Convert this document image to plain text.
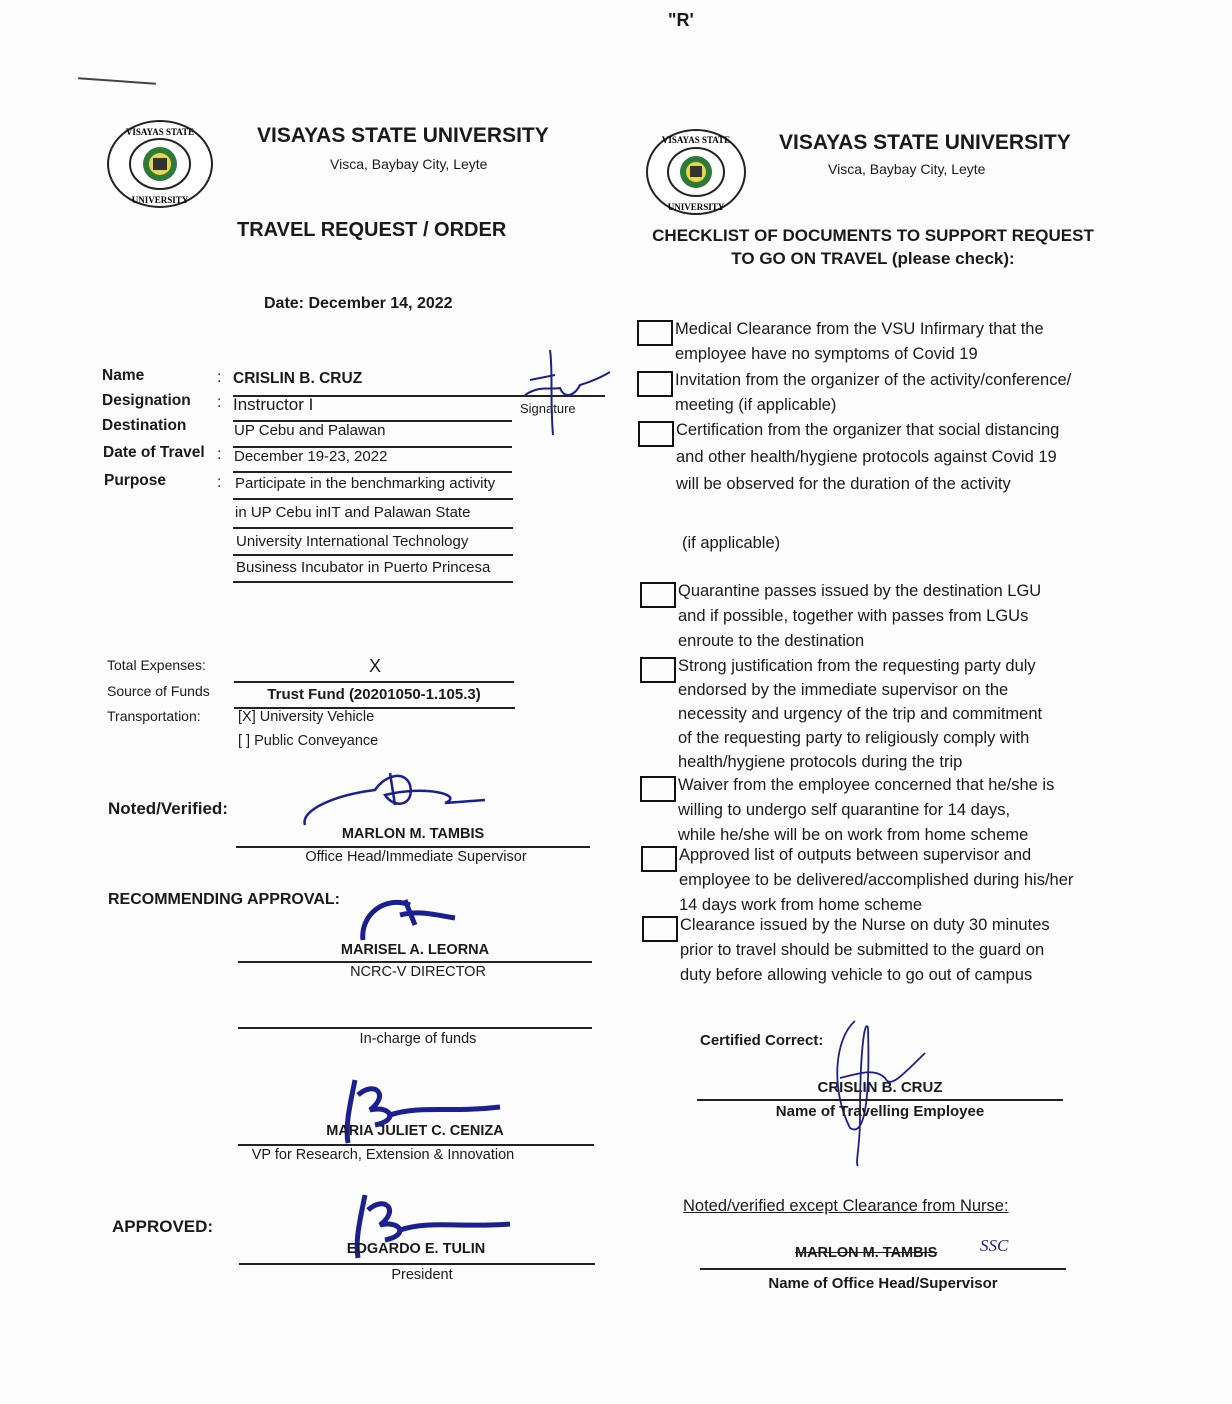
"R'
VISAYAS STATE
UNIVERSITY
VISAYAS STATE UNIVERSITY
Visca, Baybay City, Leyte
TRAVEL REQUEST / ORDER
Date: December 14, 2022
Name	: CRISLIN B. CRUZ
Designation : Instructor I
Destination	UP Cebu and Palawan
Date of Travel : December 19-23, 2022
Purpose	: Participate in the benchmarking activity
in UP Cebu inIT and Palawan State
University International Technology
Business Incubator in Puerto Princesa
Signature
Total Expenses:	X
Source of Funds	Trust Fund (20201050-1.105.3)
Transportation:	[X] University Vehicle
[ ] Public Conveyance
Noted/Verified:
MARLON M. TAMBIS
Office Head/Immediate Supervisor
RECOMMENDING APPROVAL:
MARISEL A. LEORNA
NCRC-V DIRECTOR
In-charge of funds
MARIA JULIET C. CENIZA
VP for Research, Extension & Innovation
APPROVED:
EDGARDO E. TULIN
President
VISAYAS STATE
UNIVERSITY
VISAYAS STATE UNIVERSITY
Visca, Baybay City, Leyte
CHECKLIST OF DOCUMENTS TO SUPPORT REQUEST
TO GO ON TRAVEL (please check):
Medical Clearance from the VSU Infirmary that the
employee have no symptoms of Covid 19
Invitation from the organizer of the activity/conference/
meeting (if applicable)
Certification from the organizer that social distancing
and other health/hygiene protocols against Covid 19
will be observed for the duration of the activity
Quarantine passes issued by the destination LGU
and if possible, together with passes from LGUs
enroute to the destination
Strong justification from the requesting party duly
endorsed by the immediate supervisor on the
necessity and urgency of the trip and commitment
of the requesting party to religiously comply with
health/hygiene protocols during the trip
Waiver from the employee concerned that he/she is
willing to undergo self quarantine for 14 days,
while he/she will be on work from home scheme
Approved list of outputs between supervisor and
employee to be delivered/accomplished during his/her
14 days work from home scheme
Clearance issued by the Nurse on duty 30 minutes
prior to travel should be submitted to the guard on
duty before allowing vehicle to go out of campus
(if applicable)
Certified Correct:
CRISLIN B. CRUZ
Name of Travelling Employee
Noted/verified except Clearance from Nurse:
MARLON M. TAMBIS	SSC
Name of Office Head/Supervisor
